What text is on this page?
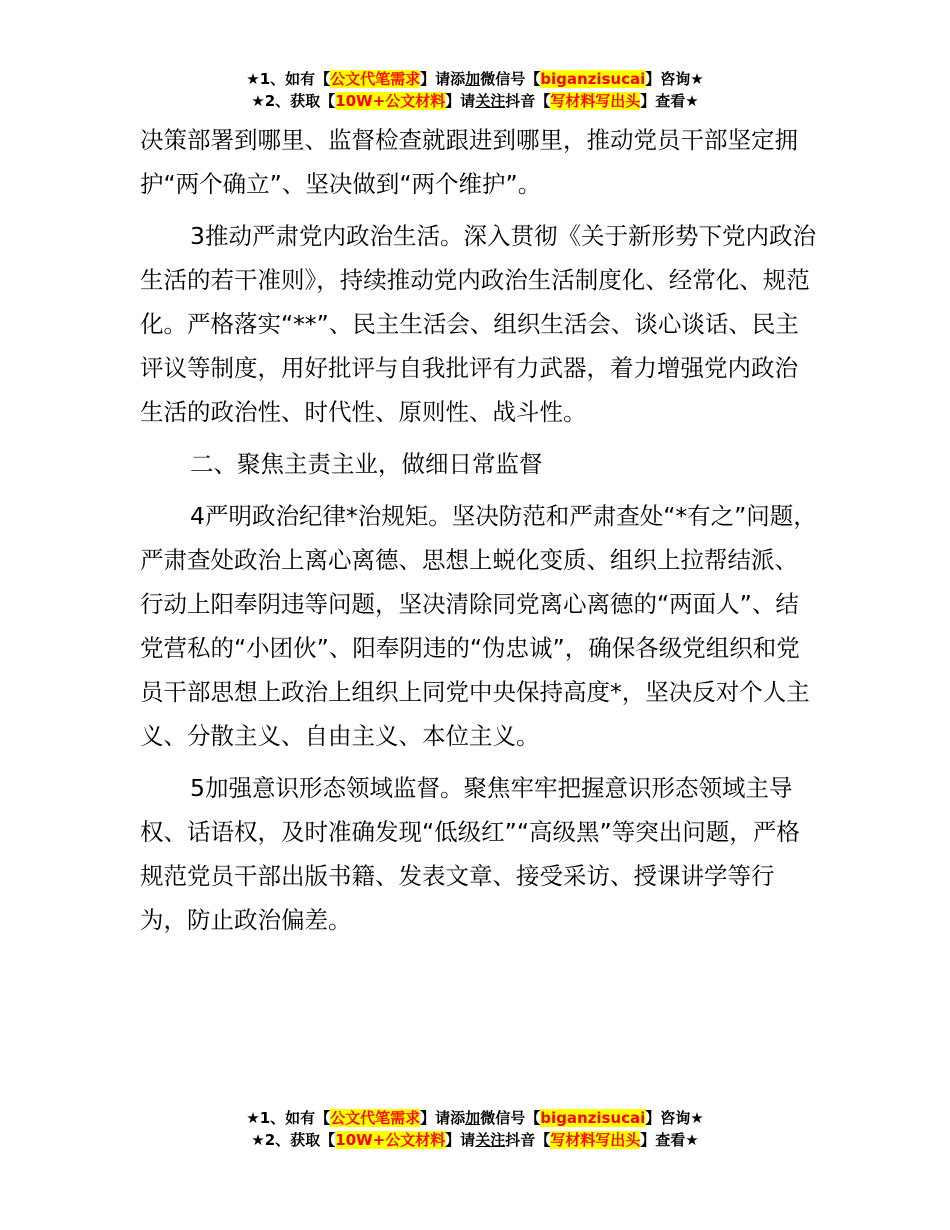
★1、如有【公文代笔需求】请添加微信号【biganzisucai】咨询★
★2、获取【10W+公文材料】请关注抖音【写材料写出头】查看★

决策部署到哪里、监督检查就跟进到哪里，推动党员干部坚定拥护“两个确立”、坚决做到“两个维护”。

3推动严肃党内政治生活。深入贯彻《关于新形势下党内政治生活的若干准则》，持续推动党内政治生活制度化、经常化、规范化。严格落实“**”、民主生活会、组织生活会、谈心谈话、民主评议等制度，用好批评与自我批评有力武器，着力增强党内政治生活的政治性、时代性、原则性、战斗性。

二、聚焦主责主业，做细日常监督

4严明政治纪律*治规矩。坚决防范和严肃查处“*有之”问题，严肃查处政治上离心离德、思想上蜕化变质、组织上拉帮结派、行动上阳奉阴违等问题，坚决清除同党离心离德的“两面人”、结党营私的“小团伙”、阳奉阴违的“伪忠诚”，确保各级党组织和党员干部思想上政治上组织上同党中央保持高度*，坚决反对个人主义、分散主义、自由主义、本位主义。

5加强意识形态领域监督。聚焦牢牢把握意识形态领域主导权、话语权，及时准确发现“低级红”“高级黑”等突出问题，严格规范党员干部出版书籍、发表文章、接受采访、授课讲学等行为，防止政治偏差。

★1、如有【公文代笔需求】请添加微信号【biganzisucai】咨询★
★2、获取【10W+公文材料】请关注抖音【写材料写出头】查看★
